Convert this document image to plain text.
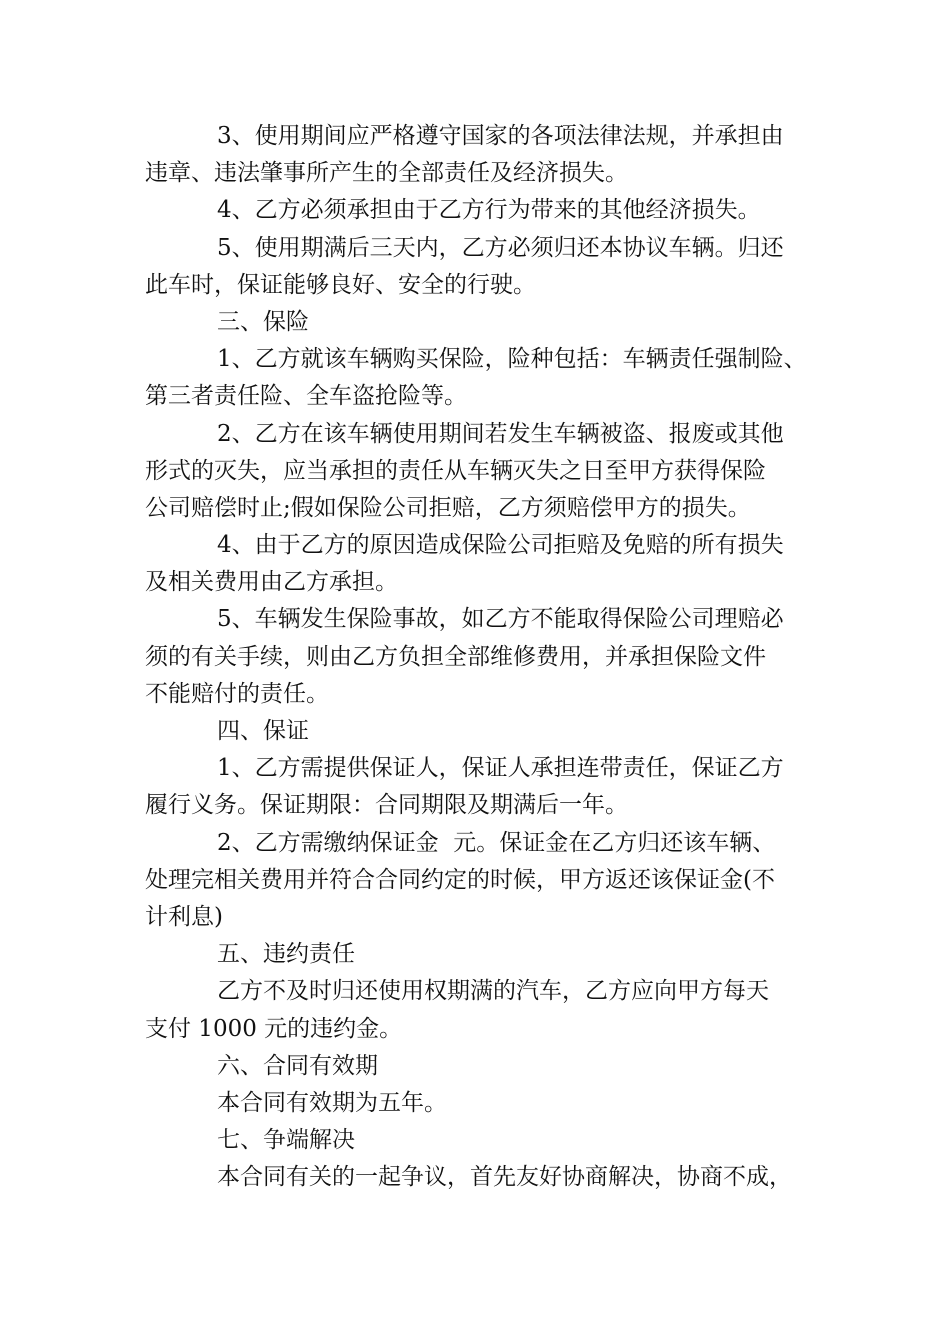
3、使用期间应严格遵守国家的各项法律法规，并承担由
违章、违法肇事所产生的全部责任及经济损失。
4、乙方必须承担由于乙方行为带来的其他经济损失。
5、使用期满后三天内，乙方必须归还本协议车辆。归还
此车时，保证能够良好、安全的行驶。
三、保险
1、乙方就该车辆购买保险，险种包括：车辆责任强制险、
第三者责任险、全车盗抢险等。
2、乙方在该车辆使用期间若发生车辆被盗、报废或其他
形式的灭失，应当承担的责任从车辆灭失之日至甲方获得保险
公司赔偿时止;假如保险公司拒赔，乙方须赔偿甲方的损失。
4、由于乙方的原因造成保险公司拒赔及免赔的所有损失
及相关费用由乙方承担。
5、车辆发生保险事故，如乙方不能取得保险公司理赔必
须的有关手续，则由乙方负担全部维修费用，并承担保险文件
不能赔付的责任。
四、保证
1、乙方需提供保证人，保证人承担连带责任，保证乙方
履行义务。保证期限：合同期限及期满后一年。
2、乙方需缴纳保证金  元。保证金在乙方归还该车辆、
处理完相关费用并符合合同约定的时候，甲方返还该保证金(不
计利息)
五、违约责任
乙方不及时归还使用权期满的汽车，乙方应向甲方每天
支付 1000 元的违约金。
六、合同有效期
本合同有效期为五年。
七、争端解决
本合同有关的一起争议，首先友好协商解决，协商不成，
